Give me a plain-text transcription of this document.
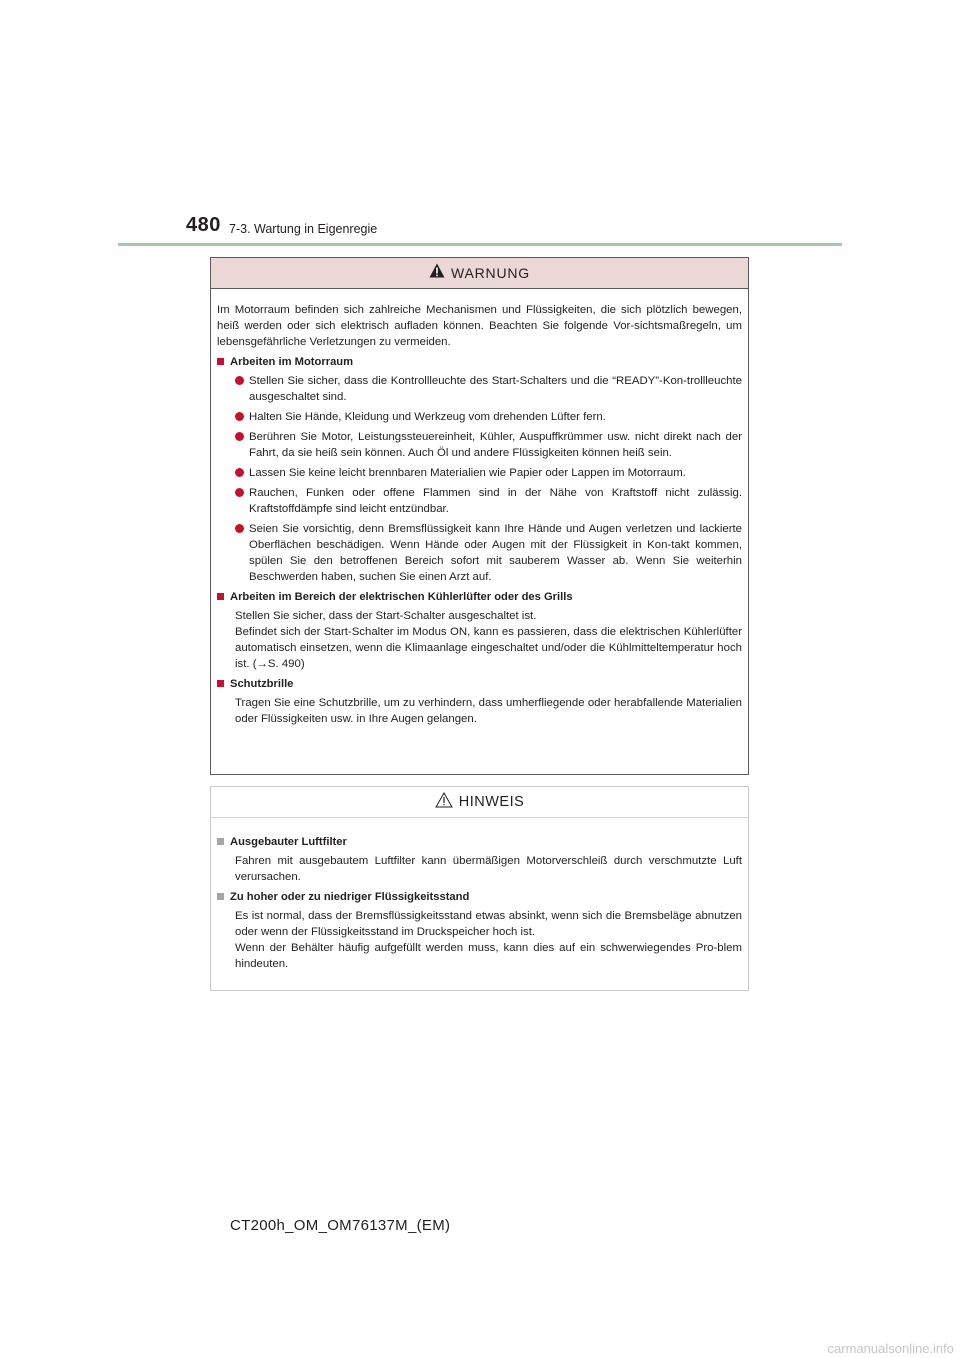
480 7-3. Wartung in Eigenregie
WARNUNG

Im Motorraum befinden sich zahlreiche Mechanismen und Flüssigkeiten, die sich plötzlich bewegen, heiß werden oder sich elektrisch aufladen können. Beachten Sie folgende Vor-sichtsmaßregeln, um lebensgefährliche Verletzungen zu vermeiden.

Arbeiten im Motorraum
Stellen Sie sicher, dass die Kontrollleuchte des Start-Schalters und die “READY”-Kon-trollleuchte ausgeschaltet sind.
Halten Sie Hände, Kleidung und Werkzeug vom drehenden Lüfter fern.
Berühren Sie Motor, Leistungssteuereinheit, Kühler, Auspuffkrümmer usw. nicht direkt nach der Fahrt, da sie heiß sein können. Auch Öl und andere Flüssigkeiten können heiß sein.
Lassen Sie keine leicht brennbaren Materialien wie Papier oder Lappen im Motorraum.
Rauchen, Funken oder offene Flammen sind in der Nähe von Kraftstoff nicht zulässig. Kraftstoffdämpfe sind leicht entzündbar.
Seien Sie vorsichtig, denn Bremsflüssigkeit kann Ihre Hände und Augen verletzen und lackierte Oberflächen beschädigen. Wenn Hände oder Augen mit der Flüssigkeit in Kon-takt kommen, spülen Sie den betroffenen Bereich sofort mit sauberem Wasser ab. Wenn Sie weiterhin Beschwerden haben, suchen Sie einen Arzt auf.
Arbeiten im Bereich der elektrischen Kühlerlüfter oder des Grills

Stellen Sie sicher, dass der Start-Schalter ausgeschaltet ist.

Befindet sich der Start-Schalter im Modus ON, kann es passieren, dass die elektrischen Kühlerlüfter automatisch einsetzen, wenn die Klimaanlage eingeschaltet und/oder die Kühlmitteltemperatur hoch ist. (→S. 490)

Schutzbrille

Tragen Sie eine Schutzbrille, um zu verhindern, dass umherfliegende oder herabfallende Materialien oder Flüssigkeiten usw. in Ihre Augen gelangen.

HINWEIS
Ausgebauter Luftfilter

Fahren mit ausgebautem Luftfilter kann übermäßigen Motorverschleiß durch verschmutzte Luft verursachen.

Zu hoher oder zu niedriger Flüssigkeitsstand

Es ist normal, dass der Bremsflüssigkeitsstand etwas absinkt, wenn sich die Bremsbeläge abnutzen oder wenn der Flüssigkeitsstand im Druckspeicher hoch ist.

Wenn der Behälter häufig aufgefüllt werden muss, kann dies auf ein schwerwiegendes Pro-blem hindeuten.

CT200h_OM_OM76137M_(EM)
carmanualsonline.info
